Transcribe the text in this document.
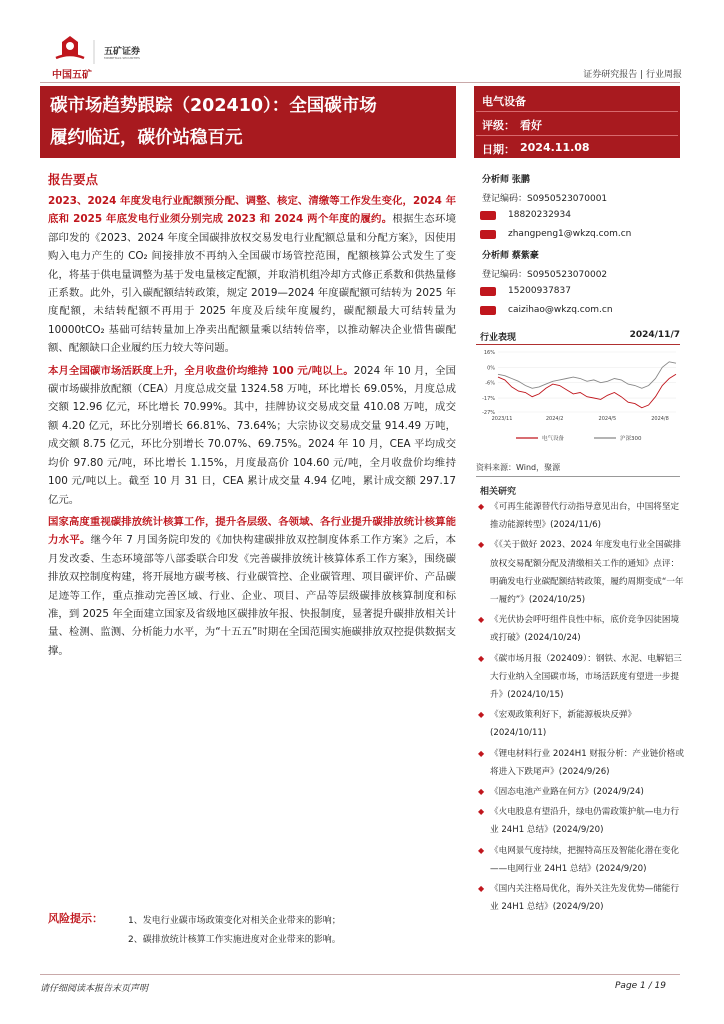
中国五矿
五矿证券
MINMETALS SECURITIES
证券研究报告 | 行业周报
碳市场趋势跟踪（202410）：全国碳市场
履约临近，碳价站稳百元
电气设备
评级： 看好
日期： 2024.11.08
报告要点

2023、2024 年度发电行业配额预分配、调整、核定、清缴等工作发生变化，2024 年底和 2025 年底发电行业须分别完成 2023 和 2024 两个年度的履约。根据生态环境部印发的《2023、2024 年度全国碳排放权交易发电行业配额总量和分配方案》，因使用购入电力产生的 CO₂ 间接排放不再纳入全国碳市场管控范围，配额核算公式发生了变化，将基于供电量调整为基于发电量核定配额，并取消机组冷却方式修正系数和供热量修正系数。此外，引入碳配额结转政策，规定 2019—2024 年度碳配额可结转为 2025 年度配额，未结转配额不再用于 2025 年度及后续年度履约，碳配额最大可结转量为 10000tCO₂ 基础可结转量加上净卖出配额量乘以结转倍率，以推动解决企业惜售碳配额、配额缺口企业履约压力较大等问题。

本月全国碳市场活跃度上升，全月收盘价均维持 100 元/吨以上。2024 年 10 月，全国碳市场碳排放配额（CEA）月度总成交量 1324.58 万吨，环比增长 69.05%，月度总成交额 12.96 亿元，环比增长 70.99%。其中，挂牌协议交易成交量 410.08 万吨，成交额 4.20 亿元，环比分别增长 66.81%、73.64%；大宗协议交易成交量 914.49 万吨，成交额 8.75 亿元，环比分别增长 70.07%、69.75%。2024 年 10 月，CEA 平均成交均价 97.80 元/吨，环比增长 1.15%，月度最高价 104.60 元/吨，全月收盘价均维持 100 元/吨以上。截至 10 月 31 日，CEA 累计成交量 4.94 亿吨，累计成交额 297.17 亿元。

国家高度重视碳排放统计核算工作，提升各层级、各领域、各行业提升碳排放统计核算能力水平。继今年 7 月国务院印发的《加快构建碳排放双控制度体系工作方案》之后，本月发改委、生态环境部等八部委联合印发《完善碳排放统计核算体系工作方案》，围绕碳排放双控制度构建，将开展地方碳考核、行业碳管控、企业碳管理、项目碳评价、产品碳足迹等工作，重点推动完善区域、行业、企业、项目、产品等层级碳排放核算制度和标准，到 2025 年全面建立国家及省级地区碳排放年报、快报制度，显著提升碳排放相关计量、检测、监测、分析能力水平，为“十五五”时期在全国范围实施碳排放双控提供数据支撑。

分析师 张鹏
登记编码：S0950523070001
18820232934
zhangpeng1@wkzq.com.cn
分析师 蔡紫豪
登记编码：S0950523070002
15200937837
caizihao@wkzq.com.cn
行业表现	2024/11/7
16%
0%
-6%
-17%
-27%
2023/11	2024/2	2024/5	2024/8
电气设备	沪深300
资料来源：Wind，聚源
相关研究
◆ 《可再生能源替代行动指导意见出台，中国将坚定推动能源转型》(2024/11/6)
◆ 《《关于做好 2023、2024 年度发电行业全国碳排放权交易配额分配及清缴相关工作的通知》点评：明确发电行业碳配额结转政策，履约周期变成“一年一履约”》(2024/10/25)
◆ 《光伏协会呼吁组件良性中标，底价竞争囚徒困境或打破》(2024/10/24)
◆ 《碳市场月报（202409）：钢铁、水泥、电解铝三大行业纳入全国碳市场，市场活跃度有望进一步提升》(2024/10/15)
◆ 《宏观政策利好下，新能源板块反弹》(2024/10/11)
◆ 《锂电材料行业 2024H1 财报分析：产业链价格或将进入下跌尾声》(2024/9/26)
◆ 《固态电池产业路在何方》(2024/9/24)
◆ 《火电股息有望沿升，绿电仍需政策护航—电力行业 24H1 总结》(2024/9/20)
◆ 《电网景气度持续，把握特高压及智能化潜在变化——电网行业 24H1 总结》(2024/9/20)
◆ 《国内关注格局优化，海外关注先发优势—储能行业 24H1 总结》(2024/9/20)
风险提示：	1、发电行业碳市场政策变化对相关企业带来的影响；
2、碳排放统计核算工作实施进度对企业带来的影响。
请仔细阅读本报告末页声明	Page 1 / 19
